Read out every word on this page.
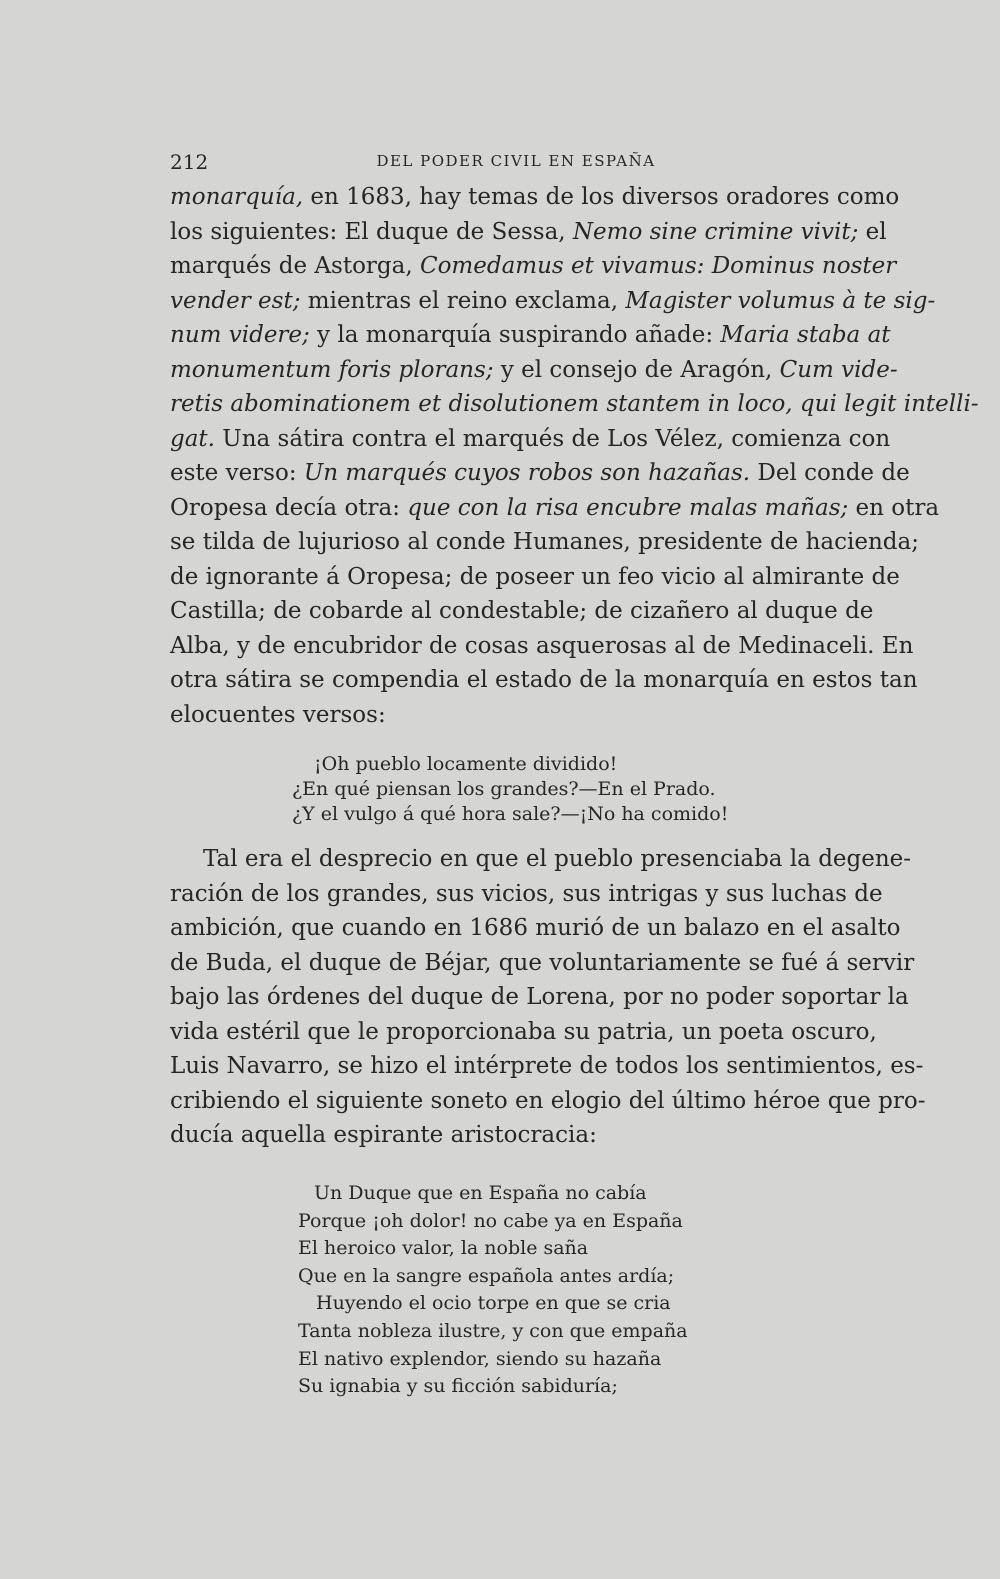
212	DEL PODER CIVIL EN ESPAÑA
monarquía, en 1683, hay temas de los diversos oradores como
los siguientes: El duque de Sessa, Nemo sine crimine vivit; el
marqués de Astorga, Comedamus et vivamus: Dominus noster
vender est; mientras el reino exclama, Magister volumus à te sig-
num videre; y la monarquía suspirando añade: Maria staba at
monumentum foris plorans; y el consejo de Aragón, Cum vide-
retis abominationem et disolutionem stantem in loco, qui legit intelli-
gat. Una sátira contra el marqués de Los Vélez, comienza con
este verso: Un marqués cuyos robos son hazañas. Del conde de
Oropesa decía otra: que con la risa encubre malas mañas; en otra
se tilda de lujurioso al conde Humanes, presidente de hacienda;
de ignorante á Oropesa; de poseer un feo vicio al almirante de
Castilla; de cobarde al condestable; de cizañero al duque de
Alba, y de encubridor de cosas asquerosas al de Medinaceli. En
otra sátira se compendia el estado de la monarquía en estos tan
elocuentes versos:
¡Oh pueblo locamente dividido!
¿En qué piensan los grandes?—En el Prado.
¿Y el vulgo á qué hora sale?—¡No ha comido!
Tal era el desprecio en que el pueblo presenciaba la degene-
ración de los grandes, sus vicios, sus intrigas y sus luchas de
ambición, que cuando en 1686 murió de un balazo en el asalto
de Buda, el duque de Béjar, que voluntariamente se fué á servir
bajo las órdenes del duque de Lorena, por no poder soportar la
vida estéril que le proporcionaba su patria, un poeta oscuro,
Luis Navarro, se hizo el intérprete de todos los sentimientos, es-
cribiendo el siguiente soneto en elogio del último héroe que pro-
ducía aquella espirante aristocracia:
Un Duque que en España no cabía
Porque ¡oh dolor! no cabe ya en España
El heroico valor, la noble saña
Que en la sangre española antes ardía;
Huyendo el ocio torpe en que se cria
Tanta nobleza ilustre, y con que empaña
El nativo explendor, siendo su hazaña
Su ignabia y su ficción sabiduría;
